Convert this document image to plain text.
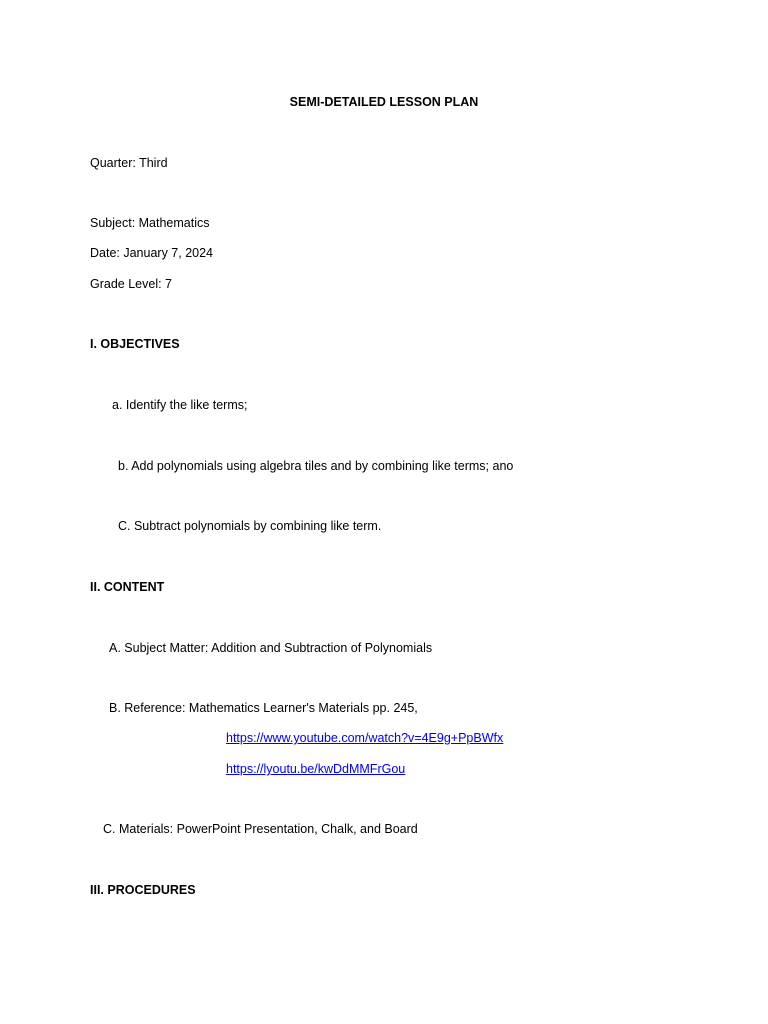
SEMI-DETAILED LESSON PLAN
Quarter: Third
Subject: Mathematics
Date: January 7, 2024
Grade Level: 7
I. OBJECTIVES
a. Identify the like terms;
b. Add polynomials using algebra tiles and by combining like terms; ano
C. Subtract polynomials by combining like term.
II. CONTENT
A. Subject Matter: Addition and Subtraction of Polynomials
B. Reference: Mathematics Learner's Materials pp. 245,
https://www.youtube.com/watch?v=4E9g+PpBWfx
https://lyoutu.be/kwDdMMFrGou
C. Materials: PowerPoint Presentation, Chalk, and Board
III. PROCEDURES
